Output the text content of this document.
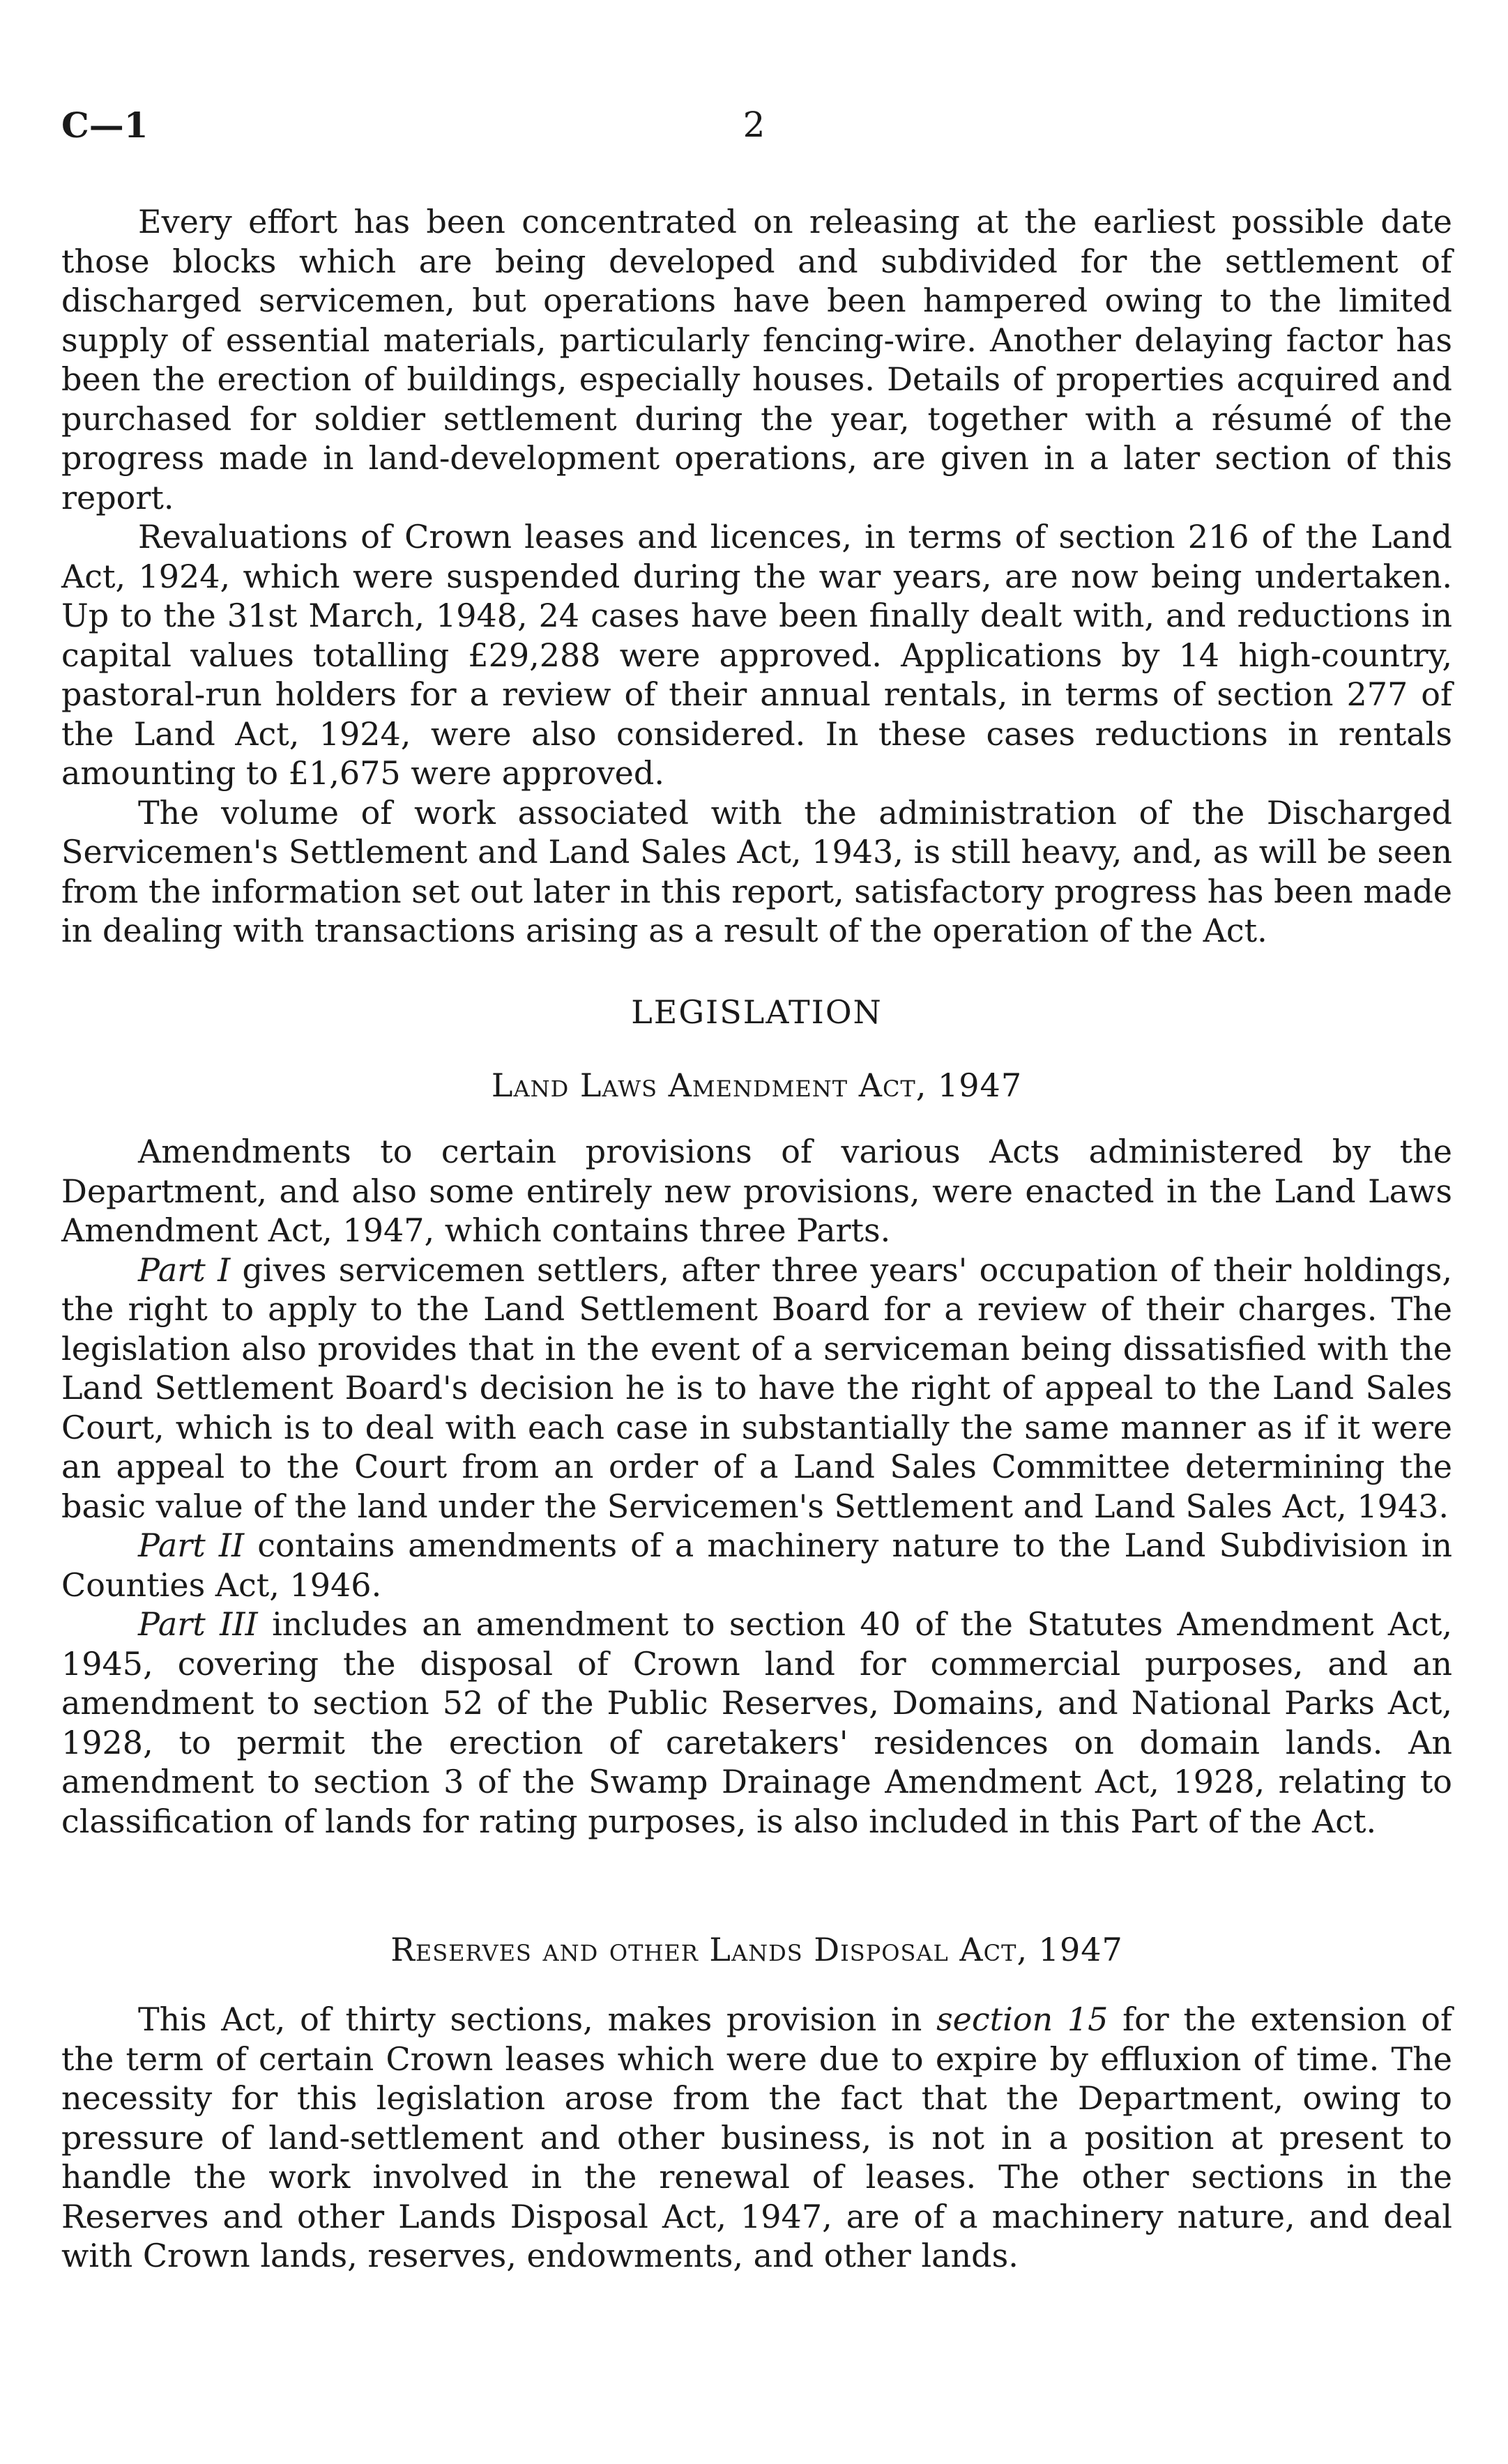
2
C—1

Every effort has been concentrated on releasing at the earliest possible date those blocks which are being developed and subdivided for the settlement of discharged servicemen, but operations have been hampered owing to the limited supply of essential materials, particularly fencing-wire. Another delaying factor has been the erection of buildings, especially houses. Details of properties acquired and purchased for soldier settlement during the year, together with a résumé of the progress made in land-development operations, are given in a later section of this report.

Revaluations of Crown leases and licences, in terms of section 216 of the Land Act, 1924, which were suspended during the war years, are now being undertaken. Up to the 31st March, 1948, 24 cases have been finally dealt with, and reductions in capital values totalling £29,288 were approved. Applications by 14 high-country, pastoral-run holders for a review of their annual rentals, in terms of section 277 of the Land Act, 1924, were also considered. In these cases reductions in rentals amounting to £1,675 were approved.

The volume of work associated with the administration of the Discharged Servicemen's Settlement and Land Sales Act, 1943, is still heavy, and, as will be seen from the information set out later in this report, satisfactory progress has been made in dealing with transactions arising as a result of the operation of the Act.

LEGISLATION
Land Laws Amendment Act, 1947

Amendments to certain provisions of various Acts administered by the Department, and also some entirely new provisions, were enacted in the Land Laws Amendment Act, 1947, which contains three Parts.

Part I gives servicemen settlers, after three years' occupation of their holdings, the right to apply to the Land Settlement Board for a review of their charges. The legislation also provides that in the event of a serviceman being dissatisfied with the Land Settlement Board's decision he is to have the right of appeal to the Land Sales Court, which is to deal with each case in substantially the same manner as if it were an appeal to the Court from an order of a Land Sales Committee determining the basic value of the land under the Servicemen's Settlement and Land Sales Act, 1943.

Part II contains amendments of a machinery nature to the Land Subdivision in Counties Act, 1946.

Part III includes an amendment to section 40 of the Statutes Amendment Act, 1945, covering the disposal of Crown land for commercial purposes, and an amendment to section 52 of the Public Reserves, Domains, and National Parks Act, 1928, to permit the erection of caretakers' residences on domain lands. An amendment to section 3 of the Swamp Drainage Amendment Act, 1928, relating to classification of lands for rating purposes, is also included in this Part of the Act.

Reserves and other Lands Disposal Act, 1947

This Act, of thirty sections, makes provision in section 15 for the extension of the term of certain Crown leases which were due to expire by effluxion of time. The necessity for this legislation arose from the fact that the Department, owing to pressure of land-settlement and other business, is not in a position at present to handle the work involved in the renewal of leases. The other sections in the Reserves and other Lands Disposal Act, 1947, are of a machinery nature, and deal with Crown lands, reserves, endowments, and other lands.
